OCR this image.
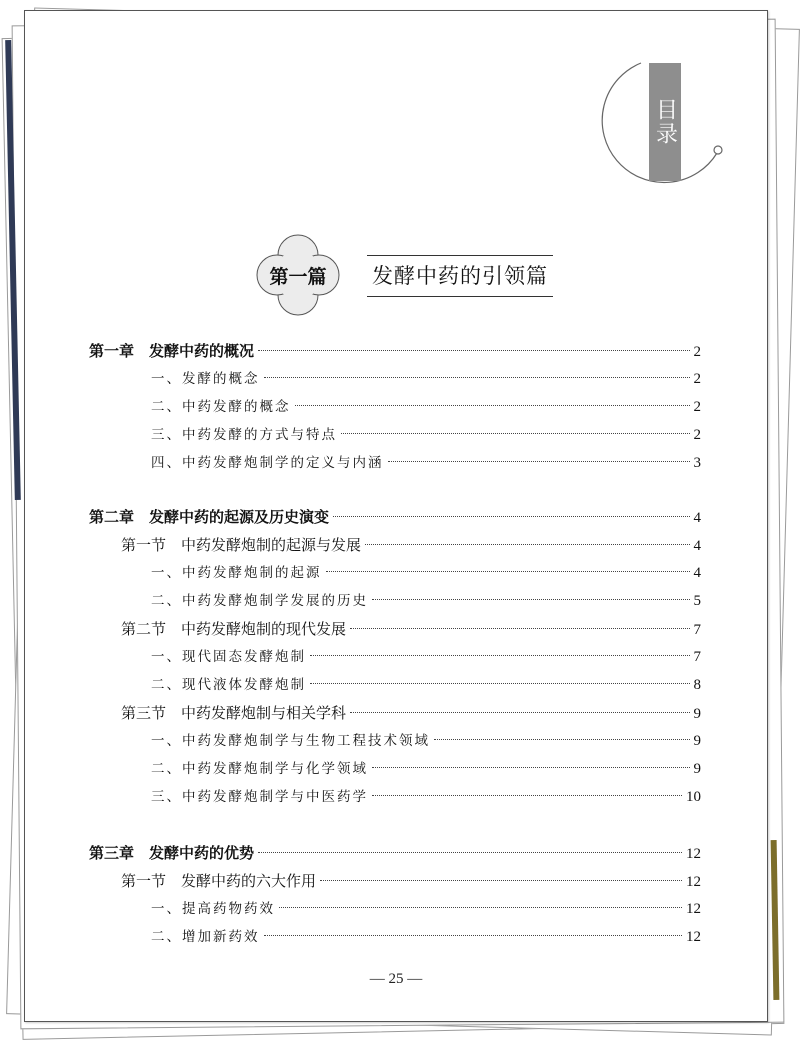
目录
第一篇	发酵中药的引领篇
第一章　发酵中药的概况	2
一、发酵的概念	2
二、中药发酵的概念	2
三、中药发酵的方式与特点	2
四、中药发酵炮制学的定义与内涵	3
第二章　发酵中药的起源及历史演变	4
第一节　中药发酵炮制的起源与发展	4
一、中药发酵炮制的起源	4
二、中药发酵炮制学发展的历史	5
第二节　中药发酵炮制的现代发展	7
一、现代固态发酵炮制	7
二、现代液体发酵炮制	8
第三节　中药发酵炮制与相关学科	9
一、中药发酵炮制学与生物工程技术领域	9
二、中药发酵炮制学与化学领域	9
三、中药发酵炮制学与中医药学	10
第三章　发酵中药的优势	12
第一节　发酵中药的六大作用	12
一、提高药物药效	12
二、增加新药效	12
— 25 —
